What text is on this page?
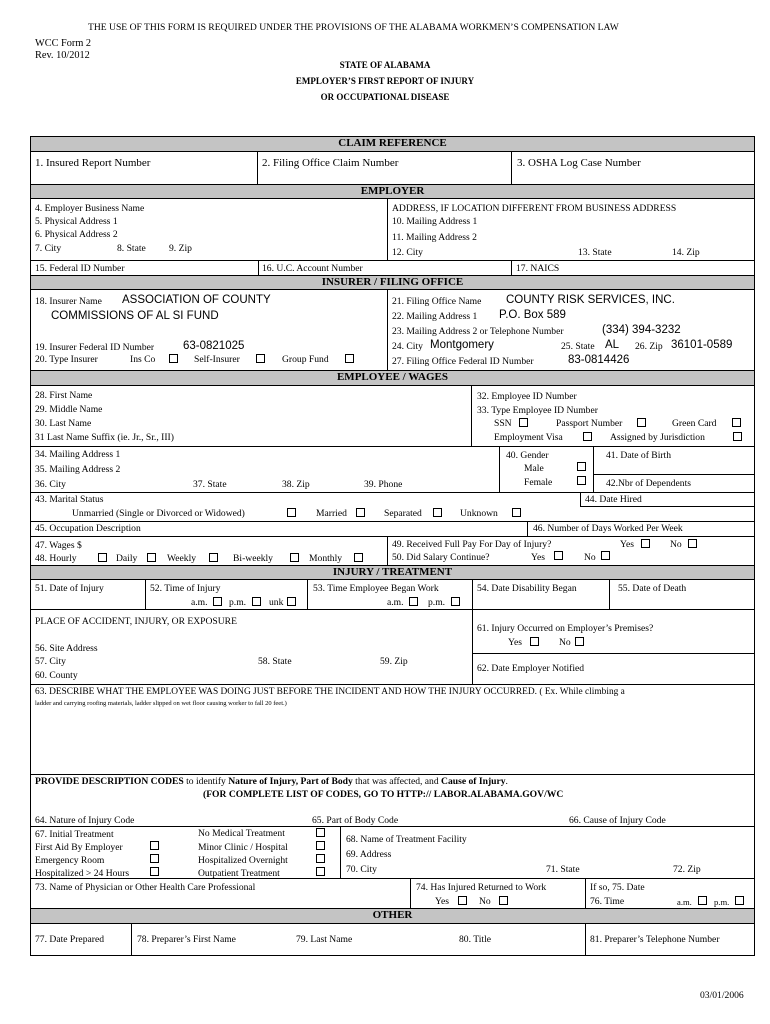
THE USE OF THIS FORM IS REQUIRED UNDER THE PROVISIONS OF THE ALABAMA WORKMEN’S COMPENSATION LAW
WCC Form 2
Rev. 10/2012
STATE OF ALABAMA
EMPLOYER’S FIRST REPORT OF INJURY
OR OCCUPATIONAL DISEASE
CLAIM REFERENCE
1. Insured Report Number	2. Filing Office Claim Number	3. OSHA Log Case Number
EMPLOYER
4. Employer Business Name
5. Physical Address 1
6. Physical Address 2
7. City	8. State 9. Zip
ADDRESS, IF LOCATION DIFFERENT FROM BUSINESS ADDRESS
10. Mailing Address 1
11. Mailing Address 2
12. City	13. State	14. Zip
15. Federal ID Number	16. U.C. Account Number	17. NAICS
INSURER / FILING OFFICE
18. Insurer Name ASSOCIATION OF COUNTY
COMMISSIONS OF AL SI FUND
19. Insurer Federal ID Number	63-0821025
20. Type Insurer	Ins Co	Self-Insurer	Group Fund
21. Filing Office Name COUNTY RISK SERVICES, INC.
22. Mailing Address 1 P.O. Box 589
23. Mailing Address 2 or Telephone Number	(334) 394-3232
24. City Montgomery	25. State AL 26. Zip 36101-0589
27. Filing Office Federal ID Number	83-0814426
EMPLOYEE / WAGES
28. First Name
29. Middle Name
30. Last Name
31 Last Name Suffix (ie. Jr., Sr., III)
32. Employee ID Number
33. Type Employee ID Number
SSN	Passport Number	Green Card
Employment Visa	Assigned by Jurisdiction
34. Mailing Address 1
35. Mailing Address 2
36. City	37. State	38. Zip	39. Phone
40. Gender
Male
Female
41. Date of Birth
42.Nbr of Dependents
43. Marital Status
Unmarried (Single or Divorced or Widowed)	Married	Separated	Unknown
44. Date Hired
45. Occupation Description	46. Number of Days Worked Per Week
47. Wages $
48. Hourly	Daily	Weekly	Bi-weekly	Monthly
49. Received Full Pay For Day of Injury?	Yes	No
50. Did Salary Continue?	Yes	No
INJURY / TREATMENT
51. Date of Injury	52. Time of Injury
a.m. p.m. unk
53. Time Employee Began Work
a.m.	p.m.
54. Date Disability Began	55. Date of Death
PLACE OF ACCIDENT, INJURY, OR EXPOSURE
56. Site Address
57. City	58. State	59. Zip
60. County
61. Injury Occurred on Employer’s Premises?
Yes	No
62. Date Employer Notified
63. DESCRIBE WHAT THE EMPLOYEE WAS DOING JUST BEFORE THE INCIDENT AND HOW THE INJURY OCCURRED. ( Ex. While climbing a
ladder and carrying roofing materials, ladder slipped on wet floor causing worker to fall 20 feet.)
PROVIDE DESCRIPTION CODES to identify Nature of Injury, Part of Body that was affected, and Cause of Injury.
(FOR COMPLETE LIST OF CODES, GO TO HTTP:// LABOR.ALABAMA.GOV/WC
64. Nature of Injury Code	65. Part of Body Code	66. Cause of Injury Code
67. Initial Treatment
First Aid By Employer
Emergency Room
Hospitalized > 24 Hours
No Medical Treatment
Minor Clinic / Hospital
Hospitalized Overnight
Outpatient Treatment
68. Name of Treatment Facility
69. Address
70. City	71. State	72. Zip
73. Name of Physician or Other Health Care Professional	74. Has Injured Returned to Work
Yes	No
If so, 75. Date
76. Time	a.m.	p.m.
OTHER
77. Date Prepared	78. Preparer’s First Name	79. Last Name	80. Title	81. Preparer’s Telephone Number
03/01/2006
